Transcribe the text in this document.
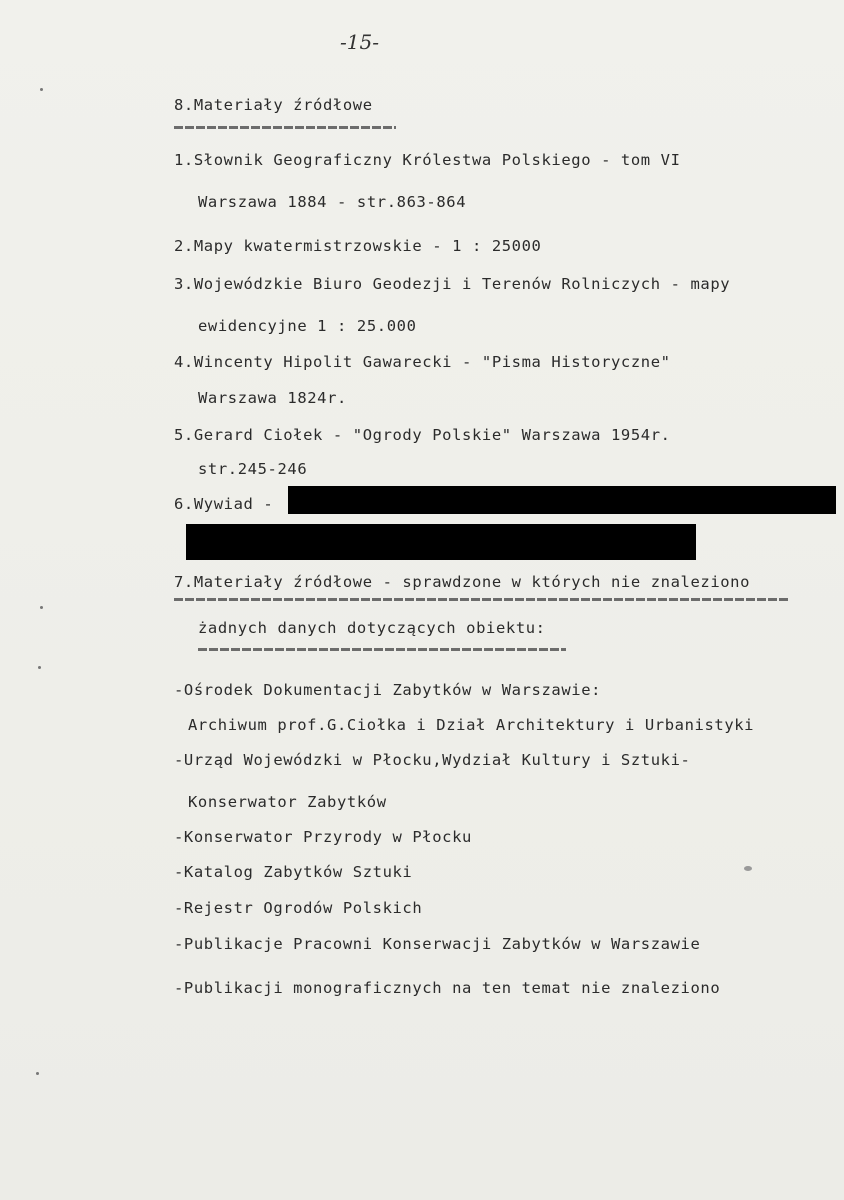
-15-
8.Materiały źródłowe
1.Słownik Geograficzny Królestwa Polskiego - tom VI
Warszawa 1884 - str.863-864
2.Mapy kwatermistrzowskie - 1 : 25000
3.Wojewódzkie Biuro Geodezji i Terenów Rolniczych - mapy
ewidencyjne 1 : 25.000
4.Wincenty Hipolit Gawarecki - "Pisma Historyczne"
Warszawa 1824r.
5.Gerard Ciołek - "Ogrody Polskie" Warszawa 1954r.
str.245-246
6.Wywiad -
7.Materiały źródłowe - sprawdzone w których nie znaleziono
żadnych danych dotyczących obiektu:
-Ośrodek Dokumentacji Zabytków w Warszawie:
Archiwum prof.G.Ciołka i Dział Architektury i Urbanistyki
-Urząd Wojewódzki w Płocku,Wydział Kultury i Sztuki-
Konserwator Zabytków
-Konserwator Przyrody w Płocku
-Katalog Zabytków Sztuki
-Rejestr Ogrodów Polskich
-Publikacje Pracowni Konserwacji Zabytków w Warszawie
-Publikacji monograficznych na ten temat nie znaleziono
